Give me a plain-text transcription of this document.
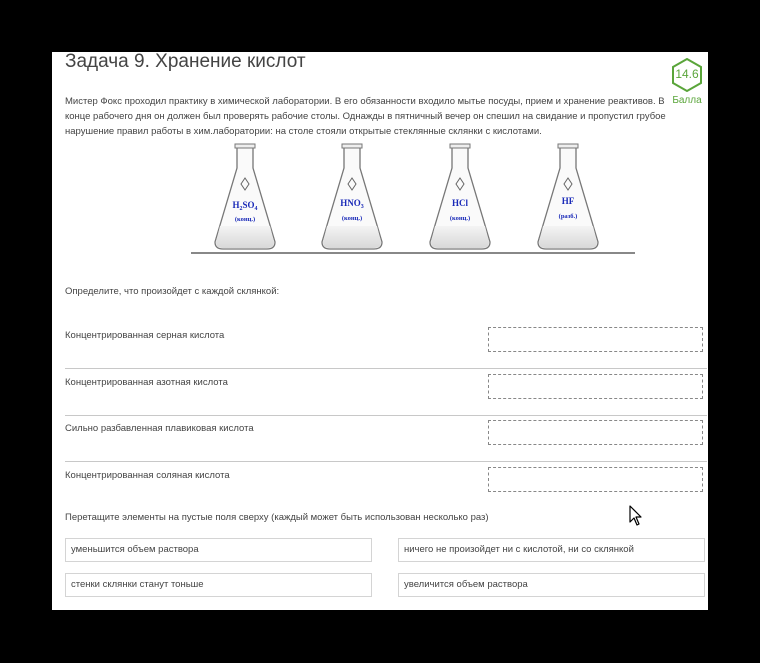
Задача 9. Хранение кислот
14.6
Балла
Мистер Фокс проходил практику в химической лаборатории. В его обязанности входило мытье посуды, прием и хранение реактивов. В конце рабочего дня он должен был проверять рабочие столы. Однажды в пятничный вечер он спешил на свидание и пропустил грубое нарушение правил работы в хим.лаборатории: на столе стояли открытые стеклянные склянки с кислотами.
$H_2SO_4$
(конц.)
$HNO_3$
(конц.)
HCl
(конц.)
HF
(разб.)
Определите, что произойдет с каждой склянкой:
Концентрированная серная кислота
Концентрированная азотная кислота
Сильно разбавленная плавиковая кислота
Концентрированная соляная кислота
Перетащите элементы на пустые поля сверху (каждый может быть использован несколько раз)
уменьшится объем раствора	ничего не произойдет ни с кислотой, ни со склянкой
стенки склянки станут тоньше	увеличится объем раствора
